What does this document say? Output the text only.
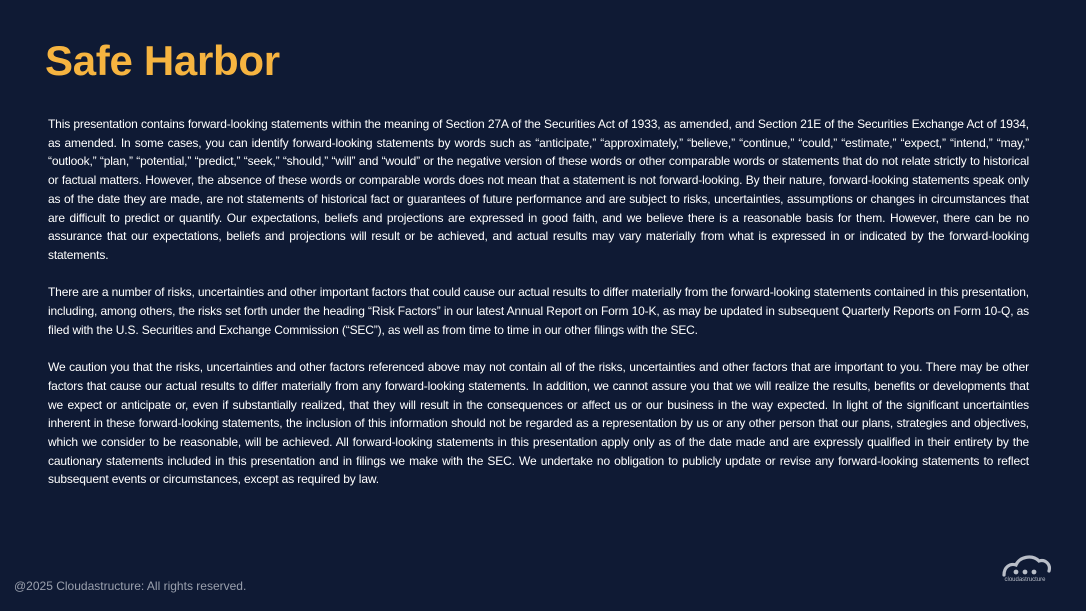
Safe Harbor

This presentation contains forward-looking statements within the meaning of Section 27A of the Securities Act of 1933, as amended, and Section 21E of the Securities Exchange Act of 1934, as amended. In some cases, you can identify forward-looking statements by words such as “anticipate,” “approximately,” “believe,” “continue,” “could,” “estimate,” “expect,” “intend,” “may,” “outlook,” “plan,” “potential,” “predict,” “seek,” “should,” “will” and “would” or the negative version of these words or other comparable words or statements that do not relate strictly to historical or factual matters. However, the absence of these words or comparable words does not mean that a statement is not forward-looking. By their nature, forward-looking statements speak only as of the date they are made, are not statements of historical fact or guarantees of future performance and are subject to risks, uncertainties, assumptions or changes in circumstances that are difficult to predict or quantify. Our expectations, beliefs and projections are expressed in good faith, and we believe there is a reasonable basis for them. However, there can be no assurance that our expectations, beliefs and projections will result or be achieved, and actual results may vary materially from what is expressed in or indicated by the forward-looking statements.

There are a number of risks, uncertainties and other important factors that could cause our actual results to differ materially from the forward-looking statements contained in this presentation, including, among others, the risks set forth under the heading “Risk Factors” in our latest Annual Report on Form 10-K, as may be updated in subsequent Quarterly Reports on Form 10-Q, as filed with the U.S. Securities and Exchange Commission (“SEC”), as well as from time to time in our other filings with the SEC.

We caution you that the risks, uncertainties and other factors referenced above may not contain all of the risks, uncertainties and other factors that are important to you. There may be other factors that cause our actual results to differ materially from any forward-looking statements. In addition, we cannot assure you that we will realize the results, benefits or developments that we expect or anticipate or, even if substantially realized, that they will result in the consequences or affect us or our business in the way expected. In light of the significant uncertainties inherent in these forward-looking statements, the inclusion of this information should not be regarded as a representation by us or any other person that our plans, strategies and objectives, which we consider to be reasonable, will be achieved. All forward-looking statements in this presentation apply only as of the date made and are expressly qualified in their entirety by the cautionary statements included in this presentation and in filings we make with the SEC. We undertake no obligation to publicly update or revise any forward-looking statements to reflect subsequent events or circumstances, except as required by law.

@2025 Cloudastructure: All rights reserved.	cloudastructure
